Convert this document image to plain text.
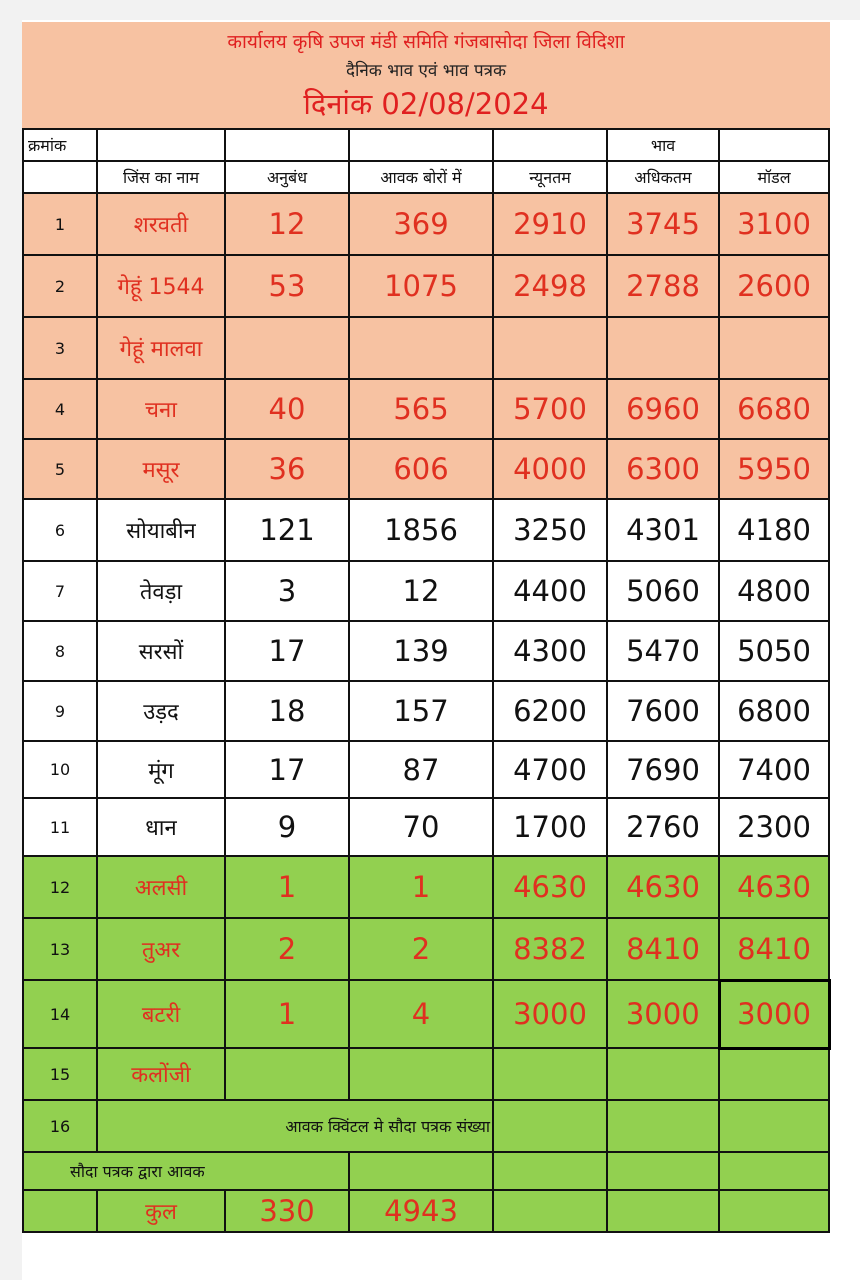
कार्यालय कृषि उपज मंडी समिति गंजबासोदा जिला विदिशा
दैनिक भाव एवं भाव पत्रक
दिनांक 02/08/2024
क्रमांक					भाव	
	जिंस का नाम	अनुबंध	आवक बोरों में	न्यूनतम	अधिकतम	मॉडल
1	शरवती	12	369	2910	3745	3100
2	गेहूं 1544	53	1075	2498	2788	2600
3	गेहूं मालवा					
4	चना	40	565	5700	6960	6680
5	मसूर	36	606	4000	6300	5950
6	सोयाबीन	121	1856	3250	4301	4180
7	तेवड़ा	3	12	4400	5060	4800
8	सरसों	17	139	4300	5470	5050
9	उड़द	18	157	6200	7600	6800
10	मूंग	17	87	4700	7690	7400
11	धान	9	70	1700	2760	2300
12	अलसी	1	1	4630	4630	4630
13	तुअर	2	2	8382	8410	8410
14	बटरी	1	4	3000	3000	3000
15	कलोंजी					
16	आवक क्विंटल मे सौदा पत्रक संख्या					
सौदा पत्रक द्वारा आवक						
	कुल	330	4943			
